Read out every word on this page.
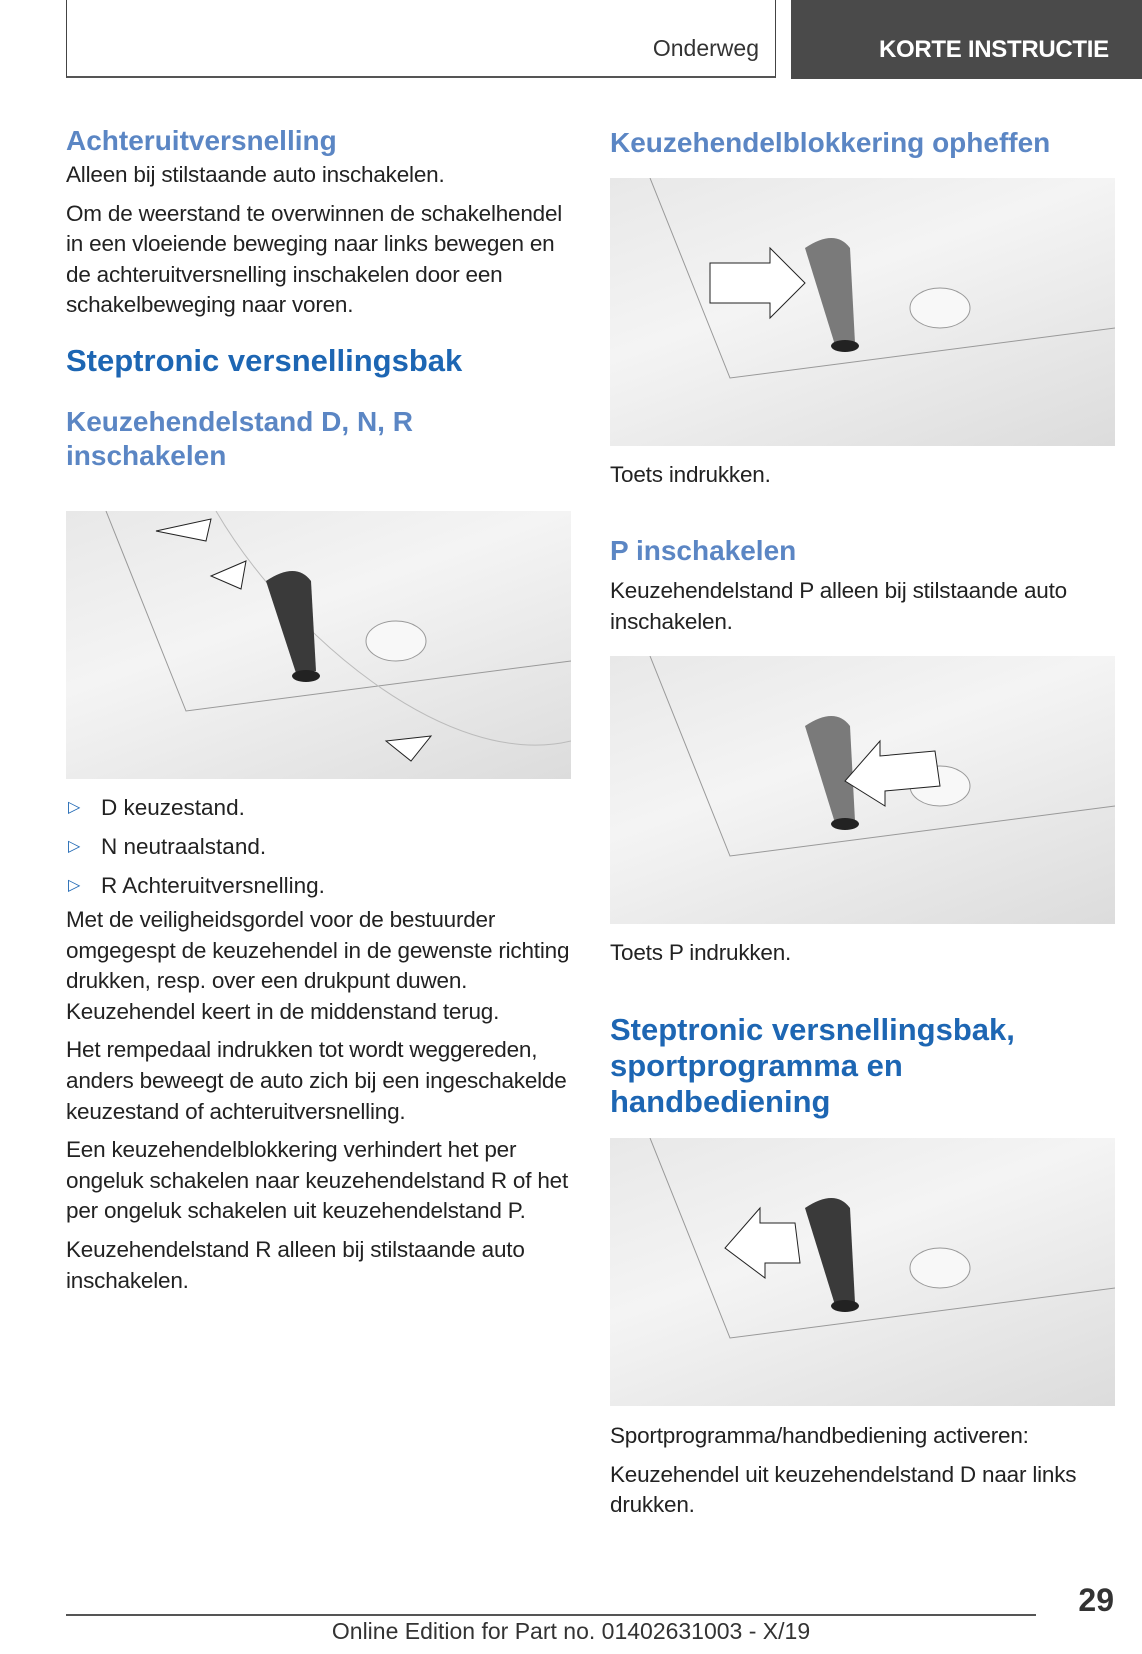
Onderweg	KORTE INSTRUCTIE
Achteruitversnelling

Alleen bij stilstaande auto inschakelen.

Om de weerstand te overwinnen de schakelhendel in een vloeiende beweging naar links bewegen en de achteruitversnelling inschakelen door een schakelbeweging naar voren.

Steptronic versnellingsbak
Keuzehendelstand D, N, R inschakelen
▷ D keuzestand.
▷ N neutraalstand.
▷ R Achteruitversnelling.

Met de veiligheidsgordel voor de bestuurder omgegespt de keuzehendel in de gewenste richting drukken, resp. over een drukpunt duwen. Keuzehendel keert in de middenstand terug.

Het rempedaal indrukken tot wordt weggereden, anders beweegt de auto zich bij een ingeschakelde keuzestand of achteruitversnelling.

Een keuzehendelblokkering verhindert het per ongeluk schakelen naar keuzehendelstand R of het per ongeluk schakelen uit keuzehendelstand P.

Keuzehendelstand R alleen bij stilstaande auto inschakelen.

Keuzehendelblokkering opheffen

Toets indrukken.

P inschakelen

Keuzehendelstand P alleen bij stilstaande auto inschakelen.

Toets P indrukken.

Steptronic versnellingsbak, sportprogramma en handbediening

Sportprogramma/handbediening activeren:

Keuzehendel uit keuzehendelstand D naar links drukken.

29
Online Edition for Part no. 01402631003 - X/19
